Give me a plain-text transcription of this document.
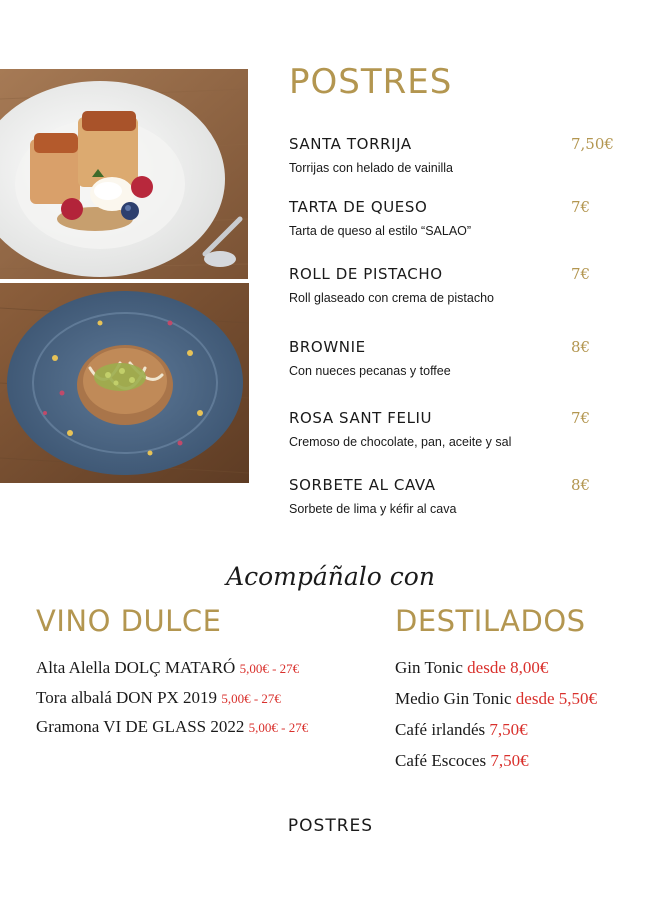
POSTRES
SANTA TORRIJA
Torrijas con helado de vainilla
7,50€
TARTA DE QUESO
Tarta de queso al estilo “SALAO”
7€
ROLL DE PISTACHO
Roll glaseado con crema de pistacho
7€
BROWNIE
Con nueces pecanas y toffee
8€
ROSA SANT FELIU
Cremoso de chocolate, pan, aceite y sal
7€
SORBETE AL CAVA
Sorbete de lima y kéfir al cava
8€
Acompáñalo con
VINO DULCE	DESTILADOS
Alta Alella DOLÇ MATARÓ 5,00€ - 27€
Tora albalá DON PX 2019 5,00€ - 27€
Gramona VI DE GLASS 2022 5,00€ - 27€
Gin Tonic desde 8,00€
Medio Gin Tonic desde 5,50€
Café irlandés 7,50€
Café Escoces 7,50€
POSTRES
